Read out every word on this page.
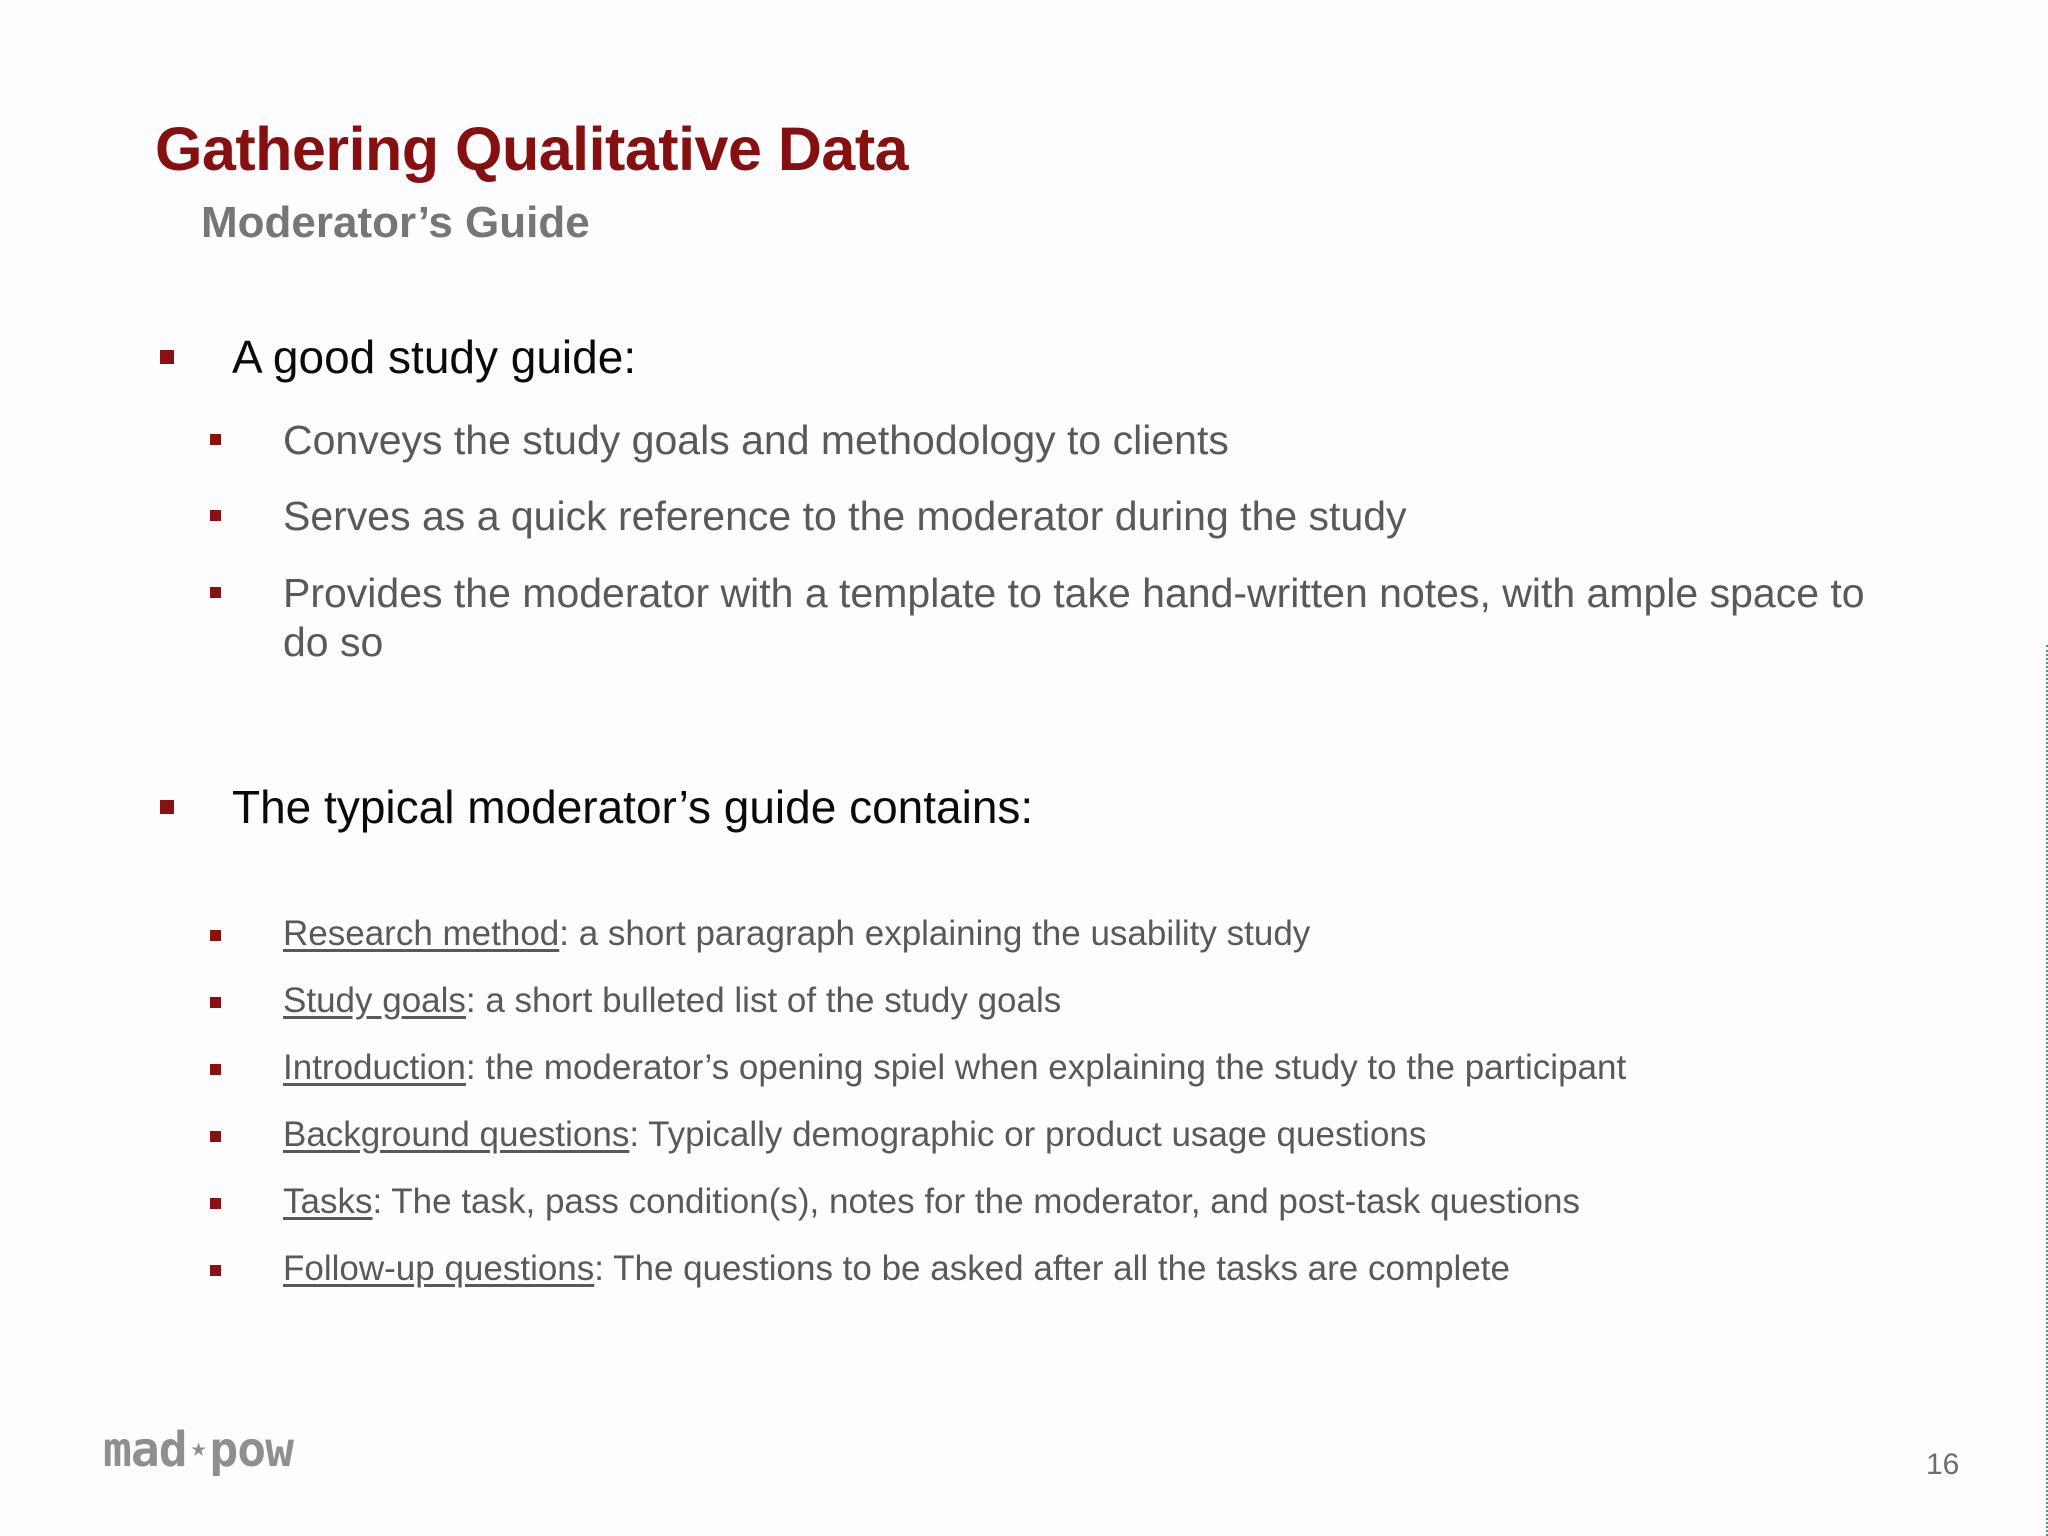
Gathering Qualitative Data
Moderator’s Guide
A good study guide:
Conveys the study goals and methodology to clients
Serves as a quick reference to the moderator during the study
Provides the moderator with a template to take hand-written notes, with ample space to
do so
The typical moderator’s guide contains:
Research method: a short paragraph explaining the usability study
Study goals: a short bulleted list of the study goals
Introduction: the moderator’s opening spiel when explaining the study to the participant
Background questions: Typically demographic or product usage questions
Tasks: The task, pass condition(s), notes for the moderator, and post-task questions
Follow-up questions: The questions to be asked after all the tasks are complete
mad ★pow	16
